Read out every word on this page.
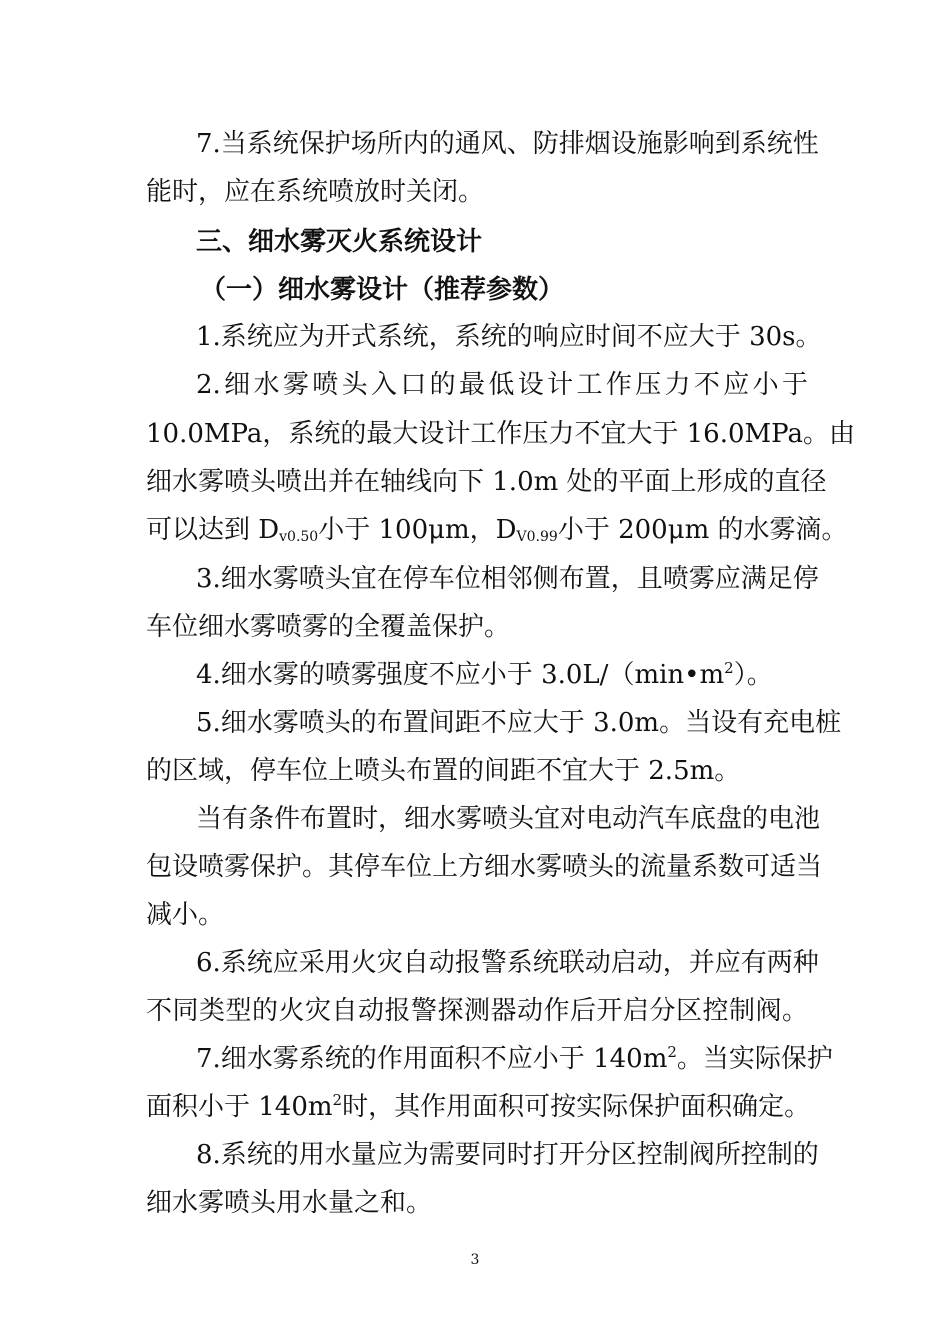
7.当系统保护场所内的通风、防排烟设施影响到系统性
能时，应在系统喷放时关闭。
三、细水雾灭火系统设计
（一）细水雾设计（推荐参数）
1.系统应为开式系统，系统的响应时间不应大于 30s。
2.细水雾喷头入口的最低设计工作压力不应小于
10.0MPa，系统的最大设计工作压力不宜大于 16.0MPa。由
细水雾喷头喷出并在轴线向下 1.0m 处的平面上形成的直径
可以达到 $D_{v0.50}$小于 100μm，$D_{V0.99}$小于 200μm 的水雾滴。
3.细水雾喷头宜在停车位相邻侧布置，且喷雾应满足停
车位细水雾喷雾的全覆盖保护。
4.细水雾的喷雾强度不应小于 $3.0L/(\min•m^2)$。
5.细水雾喷头的布置间距不应大于 3.0m。当设有充电桩
的区域，停车位上喷头布置的间距不宜大于 2.5m。
当有条件布置时，细水雾喷头宜对电动汽车底盘的电池
包设喷雾保护。其停车位上方细水雾喷头的流量系数可适当
减小。
6.系统应采用火灾自动报警系统联动启动，并应有两种
不同类型的火灾自动报警探测器动作后开启分区控制阀。
7.细水雾系统的作用面积不应小于 $140m^2$。当实际保护
面积小于 $140m^2$时，其作用面积可按实际保护面积确定。
8.系统的用水量应为需要同时打开分区控制阀所控制的
细水雾喷头用水量之和。
3
